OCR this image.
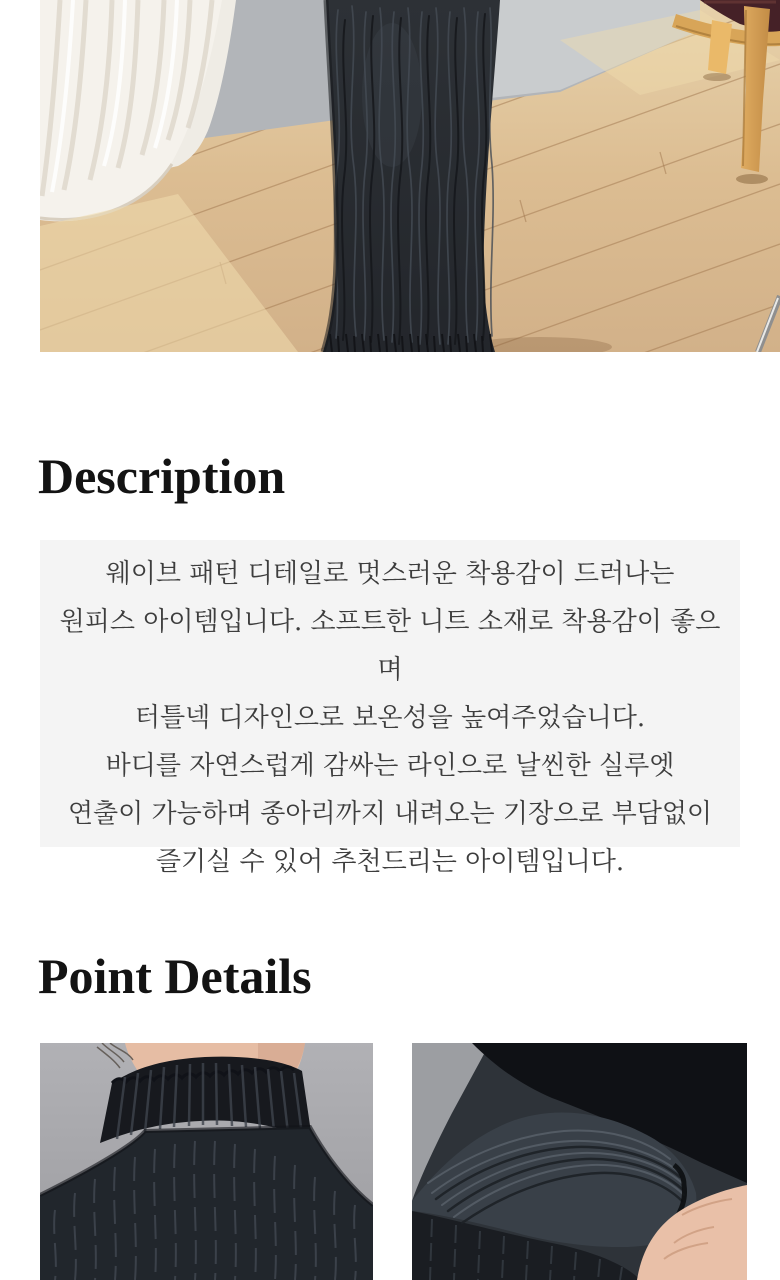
Description

웨이브 패턴 디테일로 멋스러운 착용감이 드러나는

원피스 아이템입니다. 소프트한 니트 소재로 착용감이 좋으며

터틀넥 디자인으로 보온성을 높여주었습니다.

바디를 자연스럽게 감싸는 라인으로 날씬한 실루엣

연출이 가능하며 종아리까지 내려오는 기장으로 부담없이

즐기실 수 있어 추천드리는 아이템입니다.

Point Details
